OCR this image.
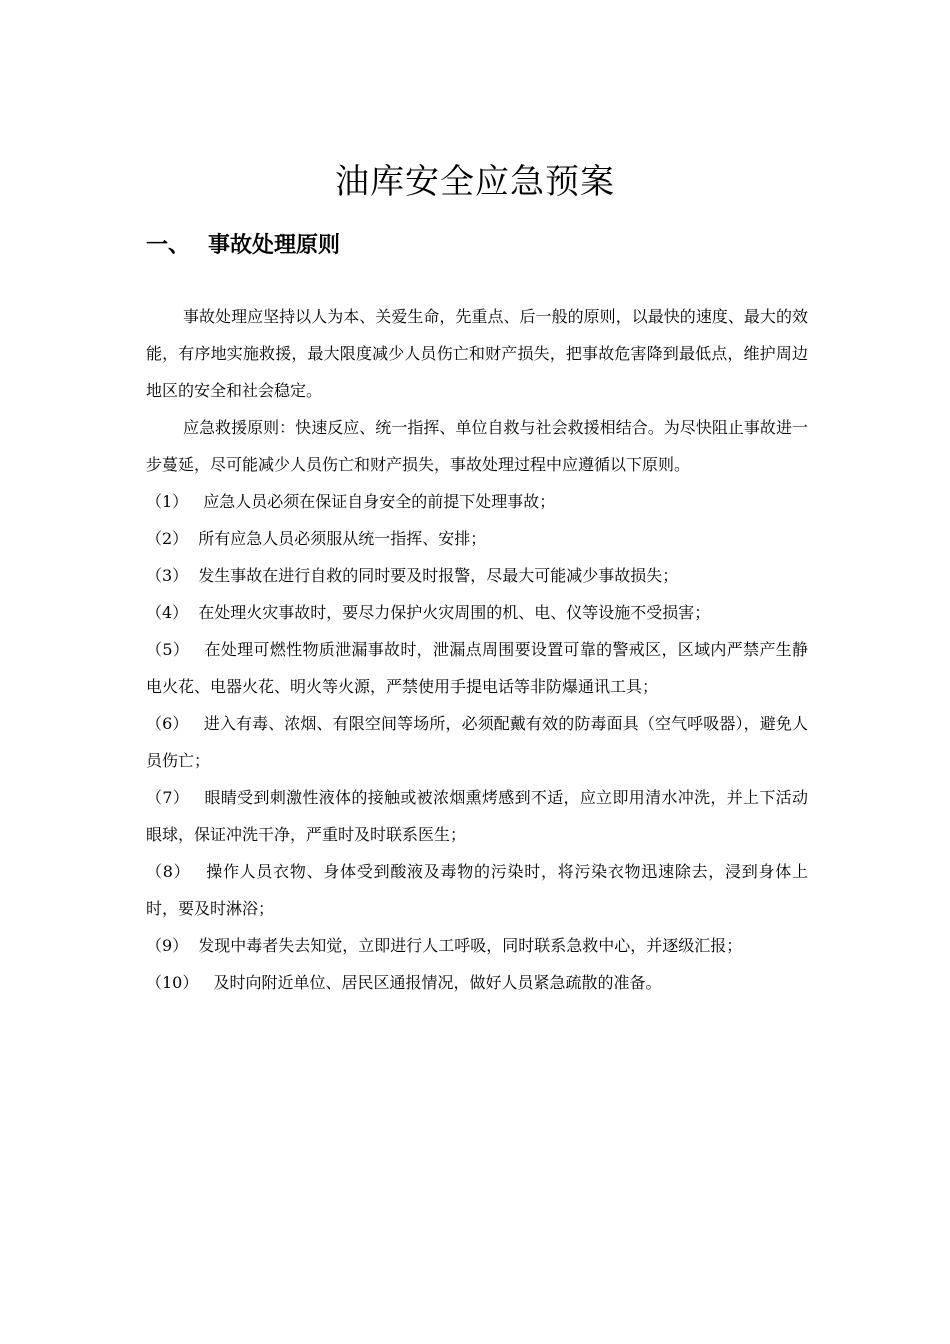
油库安全应急预案
一、 事故处理原则

事故处理应坚持以人为本、关爱生命，先重点、后一般的原则，以最快的速度、最大的效能，有序地实施救援，最大限度减少人员伤亡和财产损失，把事故危害降到最低点，维护周边地区的安全和社会稳定。

应急救援原则：快速反应、统一指挥、单位自救与社会救援相结合。为尽快阻止事故进一步蔓延，尽可能减少人员伤亡和财产损失，事故处理过程中应遵循以下原则。

（1） 应急人员必须在保证自身安全的前提下处理事故；

（2） 所有应急人员必须服从统一指挥、安排；

（3） 发生事故在进行自救的同时要及时报警，尽最大可能减少事故损失；

（4） 在处理火灾事故时，要尽力保护火灾周围的机、电、仪等设施不受损害；

（5） 在处理可燃性物质泄漏事故时，泄漏点周围要设置可靠的警戒区，区域内严禁产生静电火花、电器火花、明火等火源，严禁使用手提电话等非防爆通讯工具；

（6） 进入有毒、浓烟、有限空间等场所，必须配戴有效的防毒面具（空气呼吸器），避免人员伤亡；

（7） 眼睛受到刺激性液体的接触或被浓烟熏烤感到不适，应立即用清水冲洗，并上下活动眼球，保证冲洗干净，严重时及时联系医生；

（8） 操作人员衣物、身体受到酸液及毒物的污染时，将污染衣物迅速除去，浸到身体上时，要及时淋浴；

（9） 发现中毒者失去知觉，立即进行人工呼吸，同时联系急救中心，并逐级汇报；

（10） 及时向附近单位、居民区通报情况，做好人员紧急疏散的准备。
